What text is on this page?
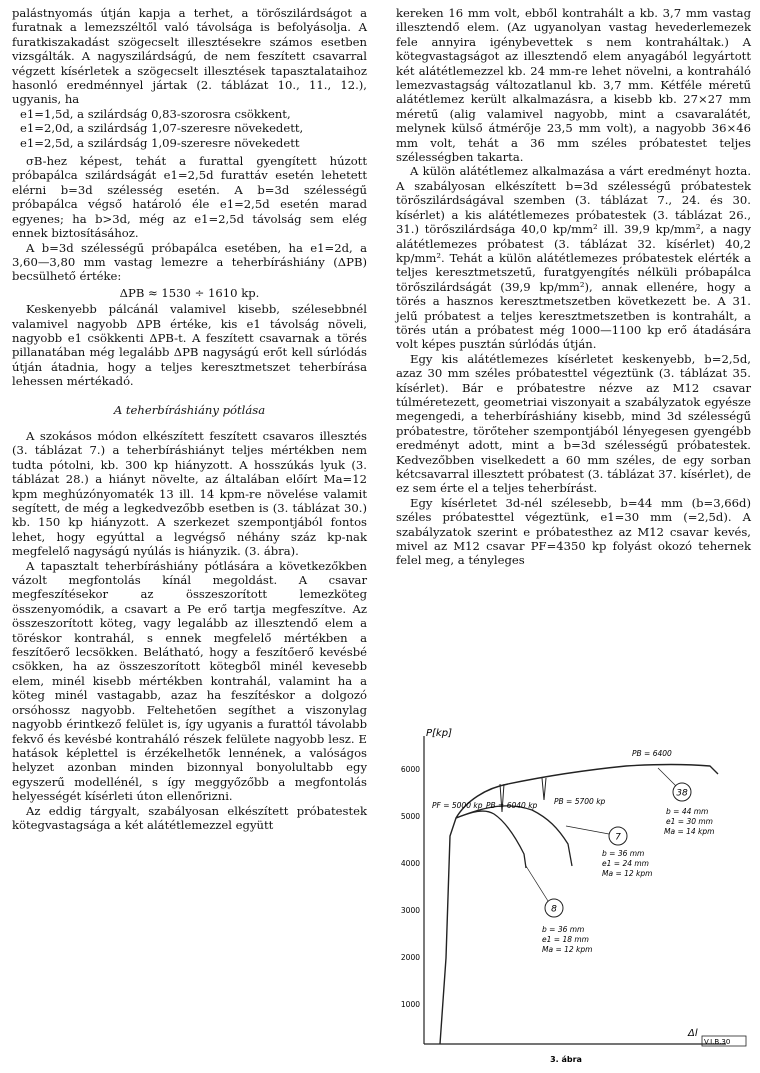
palástnyomás útján kapja a terhet, a törőszilárdságot a furatnak a lemezszéltől való távolsága is befolyásolja. A furatkiszakadást szögecselt illesztésekre számos esetben vizsgálták. A nagyszilárdságú, de nem feszített csavarral végzett kísérletek a szögecselt illesztések tapasztalataihoz hasonló eredménnyel jártak (2. táblázat 10., 11., 12.), ugyanis, ha

e1=1,5d, a szilárdság 0,83-szorosra csökkent,

e1=2,0d, a szilárdság 1,07-szeresre növekedett,

e1=2,5d, a szilárdság 1,09-szeresre növekedett

σB-hez képest, tehát a furattal gyengített húzott próbapálca szilárdságát e1=2,5d furattáv esetén lehetett elérni b=3d szélesség esetén. A b=3d szélességű próbapálca végső határoló éle e1=2,5d esetén marad egyenes; ha b>3d, még az e1=2,5d távolság sem elég ennek biztosításához.

A b=3d szélességű próbapálca esetében, ha e1=2d, a 3,60—3,80 mm vastag lemezre a teherbíráshiány (ΔPB) becsülhető értéke:

ΔPB ≈ 1530 ÷ 1610 kp.

Keskenyebb pálcánál valamivel kisebb, szélesebbnél valamivel nagyobb ΔPB értéke, kis e1 távolság növeli, nagyobb e1 csökkenti ΔPB-t. A feszített csavarnak a törés pillanatában még legalább ΔPB nagyságú erőt kell súrlódás útján átadnia, hogy a teljes keresztmetszet teherbírása lehessen mértékadó.

A teherbíráshiány pótlása

A szokásos módon elkészített feszített csavaros illesztés (3. táblázat 7.) a teherbíráshiányt teljes mértékben nem tudta pótolni, kb. 300 kp hiányzott. A hosszúkás lyuk (3. táblázat 28.) a hiányt növelte, az általában előírt Ma=12 kpm meghúzónyomaték 13 ill. 14 kpm-re növelése valamit segített, de még a legkedvezőbb esetben is (3. táblázat 30.) kb. 150 kp hiányzott. A szerkezet szempontjából fontos lehet, hogy egyúttal a legvégső néhány száz kp-nak megfelelő nagyságú nyúlás is hiányzik. (3. ábra).

A tapasztalt teherbíráshiány pótlására a következőkben vázolt megfontolás kínál megoldást. A csavar megfeszítésekor az összeszorított lemezköteg összenyomódik, a csavart a Pe erő tartja megfeszítve. Az összeszorított köteg, vagy legalább az illesztendő elem a töréskor kontrahál, s ennek megfelelő mértékben a feszítőerő lecsökken. Belátható, hogy a feszítőerő kevésbé csökken, ha az összeszorított kötegből minél kevesebb elem, minél kisebb mértékben kontrahál, valamint ha a köteg minél vastagabb, azaz ha feszítéskor a dolgozó orsóhossz nagyobb. Feltehetően segíthet a viszonylag nagyobb érintkező felület is, így ugyanis a furattól távolabb fekvő és kevésbé kontraháló részek felülete nagyobb lesz. E hatások képlettel is érzékelhetők lennének, a valóságos helyzet azonban minden bizonnyal bonyolultabb egy egyszerű modellénél, s így meggyőzőbb a megfontolás helyességét kísérleti úton ellenőrizni.

Az eddig tárgyalt, szabályosan elkészített próbatestek kötegvastagsága a két alátétlemezzel együtt

kereken 16 mm volt, ebből kontrahált a kb. 3,7 mm vastag illesztendő elem. (Az ugyanolyan vastag hevederlemezek fele annyira igénybevettek s nem kontraháltak.) A kötegvastagságot az illesztendő elem anyagából legyártott két alátétlemezzel kb. 24 mm-re lehet növelni, a kontraháló lemezvastagság változatlanul kb. 3,7 mm. Kétféle méretű alátétlemez került alkalmazásra, a kisebb kb. 27×27 mm méretű (alig valamivel nagyobb, mint a csavaralátét, melynek külső átmérője 23,5 mm volt), a nagyobb 36×46 mm volt, tehát a 36 mm széles próbatestet teljes szélességben takarta.

A külön alátétlemez alkalmazása a várt eredményt hozta. A szabályosan elkészített b=3d szélességű próbatestek törőszilárdságával szemben (3. táblázat 7., 24. és 30. kísérlet) a kis alátétlemezes próbatestek (3. táblázat 26., 31.) törőszilárdsága 40,0 kp/mm² ill. 39,9 kp/mm², a nagy alátétlemezes próbatest (3. táblázat 32. kísérlet) 40,2 kp/mm². Tehát a külön alátétlemezes próbatestek elérték a teljes keresztmetszetű, furatgyengítés nélküli próbapálca törőszilárdságát (39,9 kp/mm²), annak ellenére, hogy a törés a hasznos keresztmetszetben következett be. A 31. jelű próbatest a teljes keresztmetszetben is kontrahált, a törés után a próbatest még 1000—1100 kp erő átadására volt képes pusztán súrlódás útján.

Egy kis alátétlemezes kísérletet keskenyebb, b=2,5d, azaz 30 mm széles próbatesttel végeztünk (3. táblázat 35. kísérlet). Bár e próbatestre nézve az M12 csavar túlméretezett, geometriai viszonyait a szabályzatok egyésze megengedi, a teherbíráshiány kisebb, mind 3d szélességű próbatestre, törőteher szempontjából lényegesen gyengébb eredményt adott, mint a b=3d szélességű próbatestek. Kedvezőbben viselkedett a 60 mm széles, de egy sorban kétcsavarral illesztett próbatest (3. táblázat 37. kísérlet), de ez sem érte el a teljes teherbírást.

Egy kísérletet 3d-nél szélesebb, b=44 mm (b=3,66d) széles próbatesttel végeztünk, e1=30 mm (=2,5d). A szabályzatok szerint e próbatesthez az M12 csavar kevés, mivel az M12 csavar PF=4350 kp folyást okozó tehernek felel meg, a tényleges

P[kp]
Δl
6000
5000
4000
3000
2000
1000
V.I.B.30
PB = 6400
PF = 5000 kp PB = 6040 kp PB = 5700 kp
38
b = 44 mm
e1 = 30 mm
Ma = 14 kpm
7
b = 36 mm
e1 = 24 mm
Ma = 12 kpm
8
b = 36 mm
e1 = 18 mm
Ma = 12 kpm
3. ábra
